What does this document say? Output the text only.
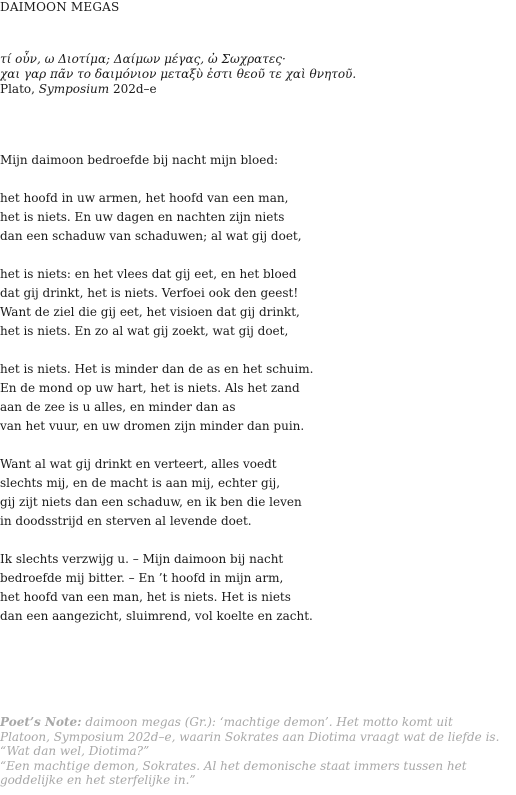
DAIMOON MEGAS
τί οὖν, ω Διοτίμα; Δαίμων μέγας, ὠ Σωχρατες·
χαι γαρ πᾶν το δαιμόνιον μεταξὺ ἐστι θεοῦ τε χαὶ θνητοῦ.
Plato, Symposium 202d–e
Mijn daimoon bedroefde bij nacht mijn bloed:
het hoofd in uw armen, het hoofd van een man,
het is niets. En uw dagen en nachten zijn niets
dan een schaduw van schaduwen; al wat gij doet,
het is niets: en het vlees dat gij eet, en het bloed
dat gij drinkt, het is niets. Verfoei ook den geest!
Want de ziel die gij eet, het visioen dat gij drinkt,
het is niets. En zo al wat gij zoekt, wat gij doet,
het is niets. Het is minder dan de as en het schuim.
En de mond op uw hart, het is niets. Als het zand
aan de zee is u alles, en minder dan as
van het vuur, en uw dromen zijn minder dan puin.
Want al wat gij drinkt en verteert, alles voedt
slechts mij, en de macht is aan mij, echter gij,
gij zijt niets dan een schaduw, en ik ben die leven
in doodsstrijd en sterven al levende doet.
Ik slechts verzwijg u. – Mijn daimoon bij nacht
bedroefde mij bitter. – En ’t hoofd in mijn arm,
het hoofd van een man, het is niets. Het is niets
dan een aangezicht, sluimrend, vol koelte en zacht.
Poet’s Note: daimoon megas (Gr.): ‘machtige demon’. Het motto komt uit
Platoon, Symposium 202d–e, waarin Sokrates aan Diotima vraagt wat de liefde is.
“Wat dan wel, Diotima?”
“Een machtige demon, Sokrates. Al het demonische staat immers tussen het
goddelijke en het sterfelijke in.”
